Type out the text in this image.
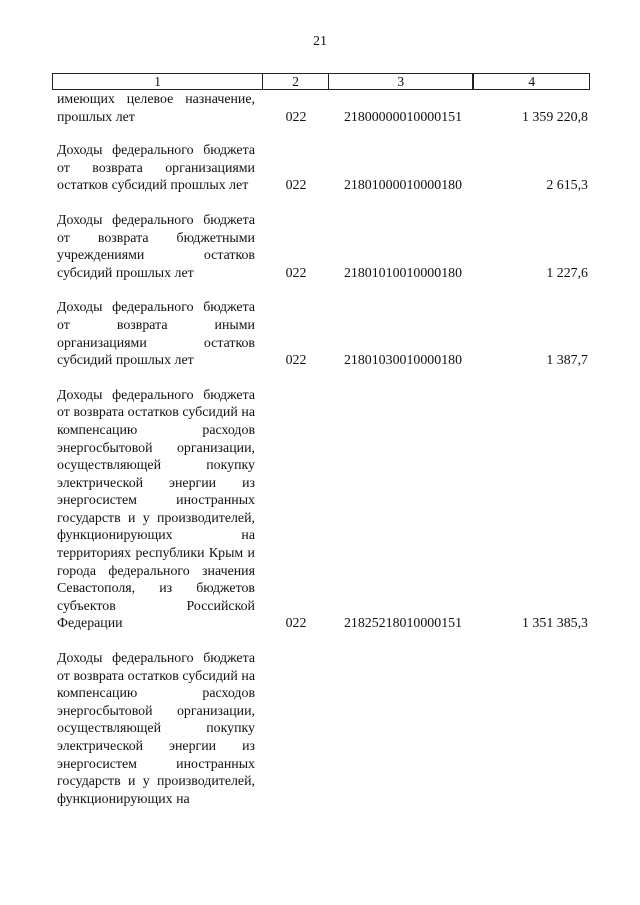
21
1	2	3	4
имеющих целевое назначение, прошлых лет	022	21800000010000151	1 359 220,8
Доходы федерального бюджета от возврата организациями остатков субсидий прошлых лет	022	21801000010000180	2 615,3
Доходы федерального бюджета от возврата бюджетными учреждениями остатков субсидий прошлых лет	022	21801010010000180	1 227,6
Доходы федерального бюджета от возврата иными организациями остатков субсидий прошлых лет	022	21801030010000180	1 387,7
Доходы федерального бюджета от возврата остатков субсидий на компенсацию расходов энергосбытовой организации, осуществляющей покупку электрической энергии из энергосистем иностранных государств и у производителей, функционирующих на территориях республики Крым и города федерального значения Севастополя, из бюджетов субъектов Российской Федерации	022	21825218010000151	1 351 385,3
Доходы федерального бюджета от возврата остатков субсидий на компенсацию расходов энергосбытовой организации, осуществляющей покупку электрической энергии из энергосистем иностранных государств и у производителей, функционирующих на
